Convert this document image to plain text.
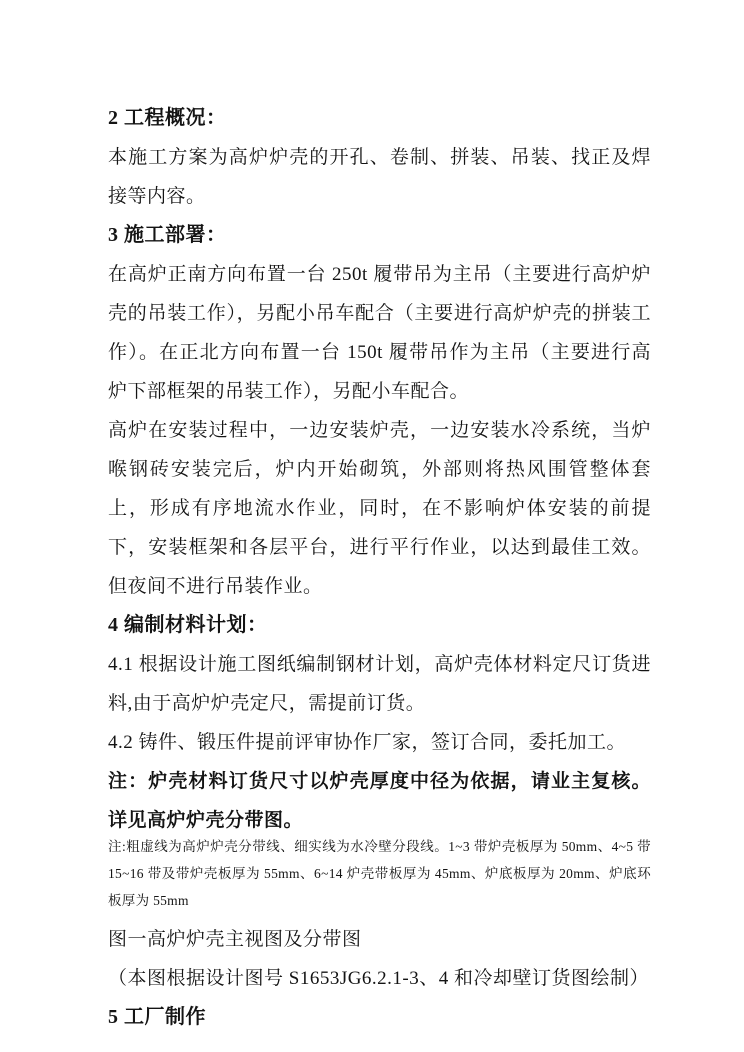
2 工程概况：

本施工方案为高炉炉壳的开孔、卷制、拼装、吊装、找正及焊接等内容。

3 施工部署：

在高炉正南方向布置一台 250t 履带吊为主吊（主要进行高炉炉壳的吊装工作），另配小吊车配合（主要进行高炉炉壳的拼装工作）。在正北方向布置一台 150t 履带吊作为主吊（主要进行高炉下部框架的吊装工作），另配小车配合。

高炉在安装过程中，一边安装炉壳，一边安装水冷系统，当炉喉钢砖安装完后，炉内开始砌筑，外部则将热风围管整体套上，形成有序地流水作业，同时，在不影响炉体安装的前提下，安装框架和各层平台，进行平行作业，以达到最佳工效。但夜间不进行吊装作业。

4 编制材料计划：

4.1 根据设计施工图纸编制钢材计划，高炉壳体材料定尺订货进料,由于高炉炉壳定尺，需提前订货。

4.2 铸件、锻压件提前评审协作厂家，签订合同，委托加工。

注：炉壳材料订货尺寸以炉壳厚度中径为依据，请业主复核。详见高炉炉壳分带图。

注:粗虚线为高炉炉壳分带线、细实线为水冷壁分段线。1~3 带炉壳板厚为 50mm、4~5 带 15~16 带及带炉壳板厚为 55mm、6~14 炉壳带板厚为 45mm、炉底板厚为 20mm、炉底环板厚为 55mm

图一高炉炉壳主视图及分带图

（本图根据设计图号 S1653JG6.2.1-3、4 和冷却壁订货图绘制）

5 工厂制作
